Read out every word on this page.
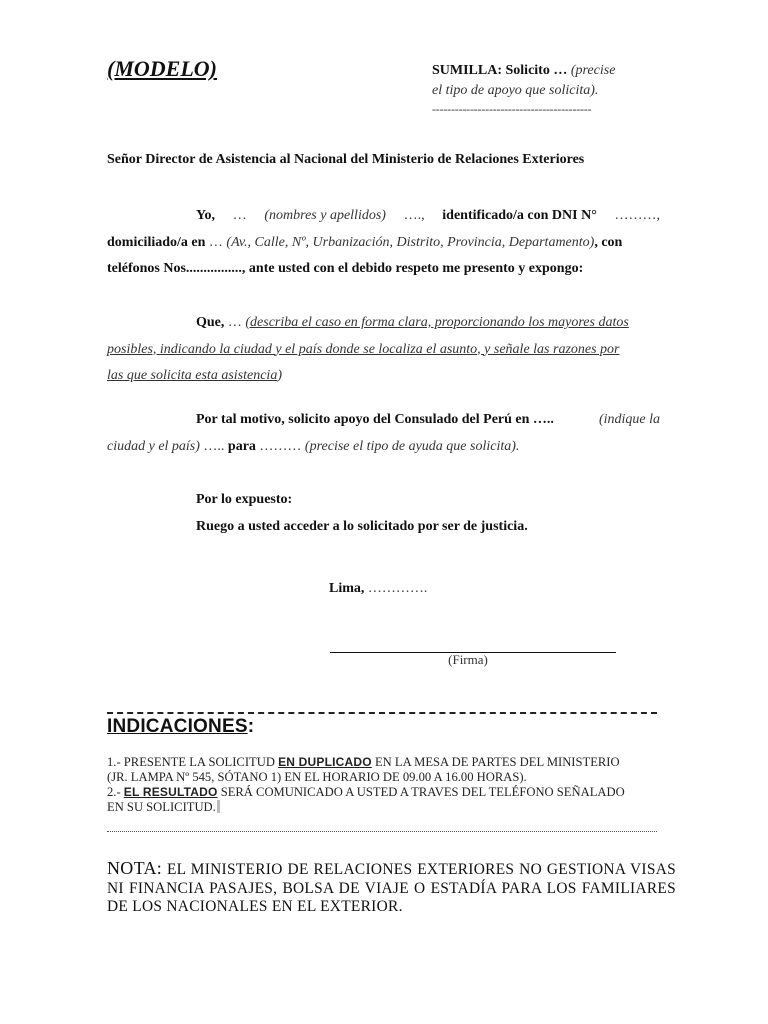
(MODELO)	SUMILLA: Solicito … (precise
el tipo de apoyo que solicita).
------------------------------------------
Señor Director de Asistencia al Nacional del Ministerio de Relaciones Exteriores
Yo, … (nombres y apellidos) …., identificado/a con DNI N° ………,
domiciliado/a en … (Av., Calle, Nº, Urbanización, Distrito, Provincia, Departamento), con
teléfonos Nos................, ante usted con el debido respeto me presento y expongo:
Que, … (describa el caso en forma clara, proporcionando los mayores datos
posibles, indicando la ciudad y el país donde se localiza el asunto, y señale las razones por
las que solicita esta asistencia)
Por tal motivo, solicito apoyo del Consulado del Perú en …..	(indique la
ciudad y el país) ….. para ……… (precise el tipo de ayuda que solicita).
Por lo expuesto:
Ruego a usted acceder a lo solicitado por ser de justicia.
Lima, ………….
(Firma)
INDICACIONES:
1.- PRESENTE LA SOLICITUD EN DUPLICADO EN LA MESA DE PARTES DEL MINISTERIO
(JR. LAMPA Nº 545, SÓTANO 1) EN EL HORARIO DE 09.00 A 16.00 HORAS).
2.- EL RESULTADO SERÁ COMUNICADO A USTED A TRAVES DEL TELÉFONO SEÑALADO
EN SU SOLICITUD.
NOTA: EL MINISTERIO DE RELACIONES EXTERIORES NO GESTIONA VISAS NI FINANCIA PASAJES, BOLSA DE VIAJE O ESTADÍA PARA LOS FAMILIARES DE LOS NACIONALES EN EL EXTERIOR.
